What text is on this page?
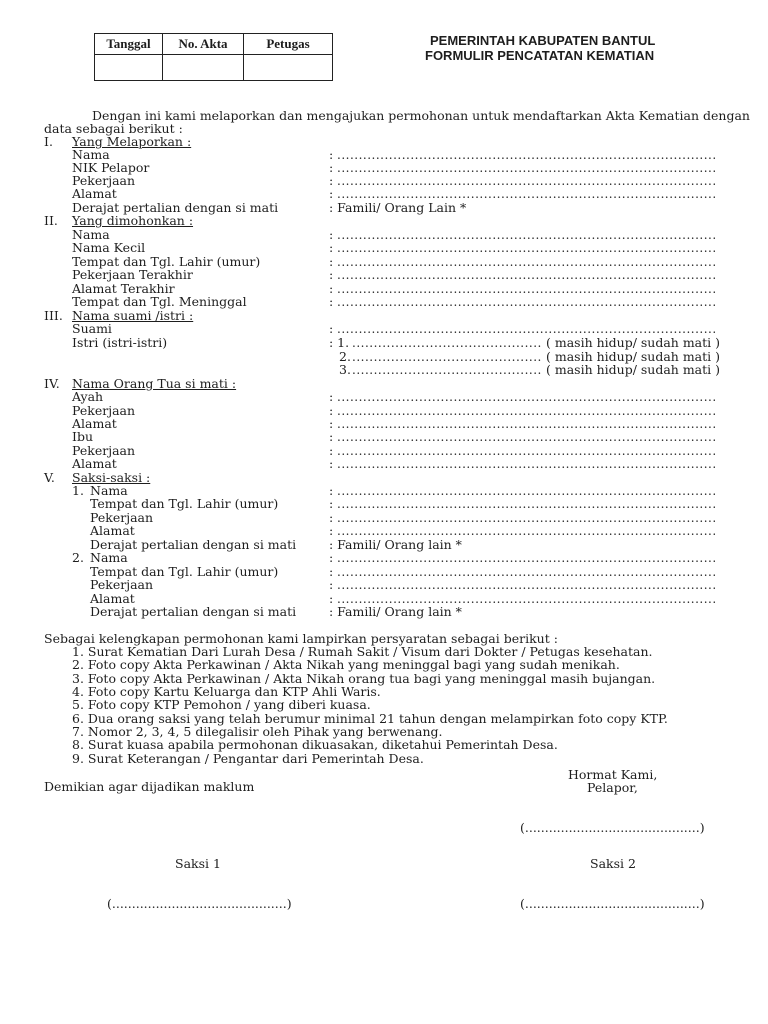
Tanggal	No. Akta	Petugas
			PEMERINTAH KABUPATEN BANTUL
FORMULIR PENCATATAN KEMATIAN
Dengan ini kami melaporkan dan mengajukan permohonan untuk mendaftarkan Akta Kematian dengan
data sebagai berikut :
I. Yang Melaporkan :
Nama	:
.....
NIK Pelapor	:
.....
Pekerjaan	:
.....
Alamat	:
.....
Derajat pertalian dengan si mati	: Famili/ Orang Lain *
II. Yang dimohonkan :
Nama	:
.....
Nama Kecil	:
.....
Tempat dan Tgl. Lahir (umur)	:
.....
Pekerjaan Terakhir	:
.....
Alamat Terakhir	:
.....
Tempat dan Tgl. Meninggal	:
.....
III. Nama suami /istri :
Suami	:
.....
Istri (istri-istri)	: 1. .....	( masih hidup/ sudah mati )
2. .....	( masih hidup/ sudah mati )
3. .....	( masih hidup/ sudah mati )
IV. Nama Orang Tua si mati :
Ayah	:
.....
Pekerjaan	:
.....
Alamat	:
.....
Ibu	:
.....
Pekerjaan	:
.....
Alamat	:
.....
V. Saksi-saksi :
1. Nama	:
.....
Tempat dan Tgl. Lahir (umur)	:
.....
Pekerjaan	:
.....
Alamat	:
.....
Derajat pertalian dengan si mati	: Famili/ Orang lain *
2. Nama	:
.....
Tempat dan Tgl. Lahir (umur)	:
.....
Pekerjaan	:
.....
Alamat	:
.....
Derajat pertalian dengan si mati	: Famili/ Orang lain *
Sebagai kelengkapan permohonan kami lampirkan persyaratan sebagai berikut :
1. Surat Kematian Dari Lurah Desa / Rumah Sakit / Visum dari Dokter / Petugas kesehatan.
2. Foto copy Akta Perkawinan / Akta Nikah yang meninggal bagi yang sudah menikah.
3. Foto copy Akta Perkawinan / Akta Nikah orang tua bagi yang meninggal masih bujangan.
4. Foto copy Kartu Keluarga dan KTP Ahli Waris.
5. Foto copy KTP Pemohon / yang diberi kuasa.
6. Dua orang saksi yang telah berumur minimal 21 tahun dengan melampirkan foto copy KTP.
7. Nomor 2, 3, 4, 5 dilegalisir oleh Pihak yang berwenang.
8. Surat kuasa apabila permohonan dikuasakan, diketahui Pemerintah Desa.
9. Surat Keterangan / Pengantar dari Pemerintah Desa.
Hormat Kami,
Demikian agar dijadikan maklum	Pelapor,
(............................................)
Saksi 1	Saksi 2
(............................................)	(............................................)
